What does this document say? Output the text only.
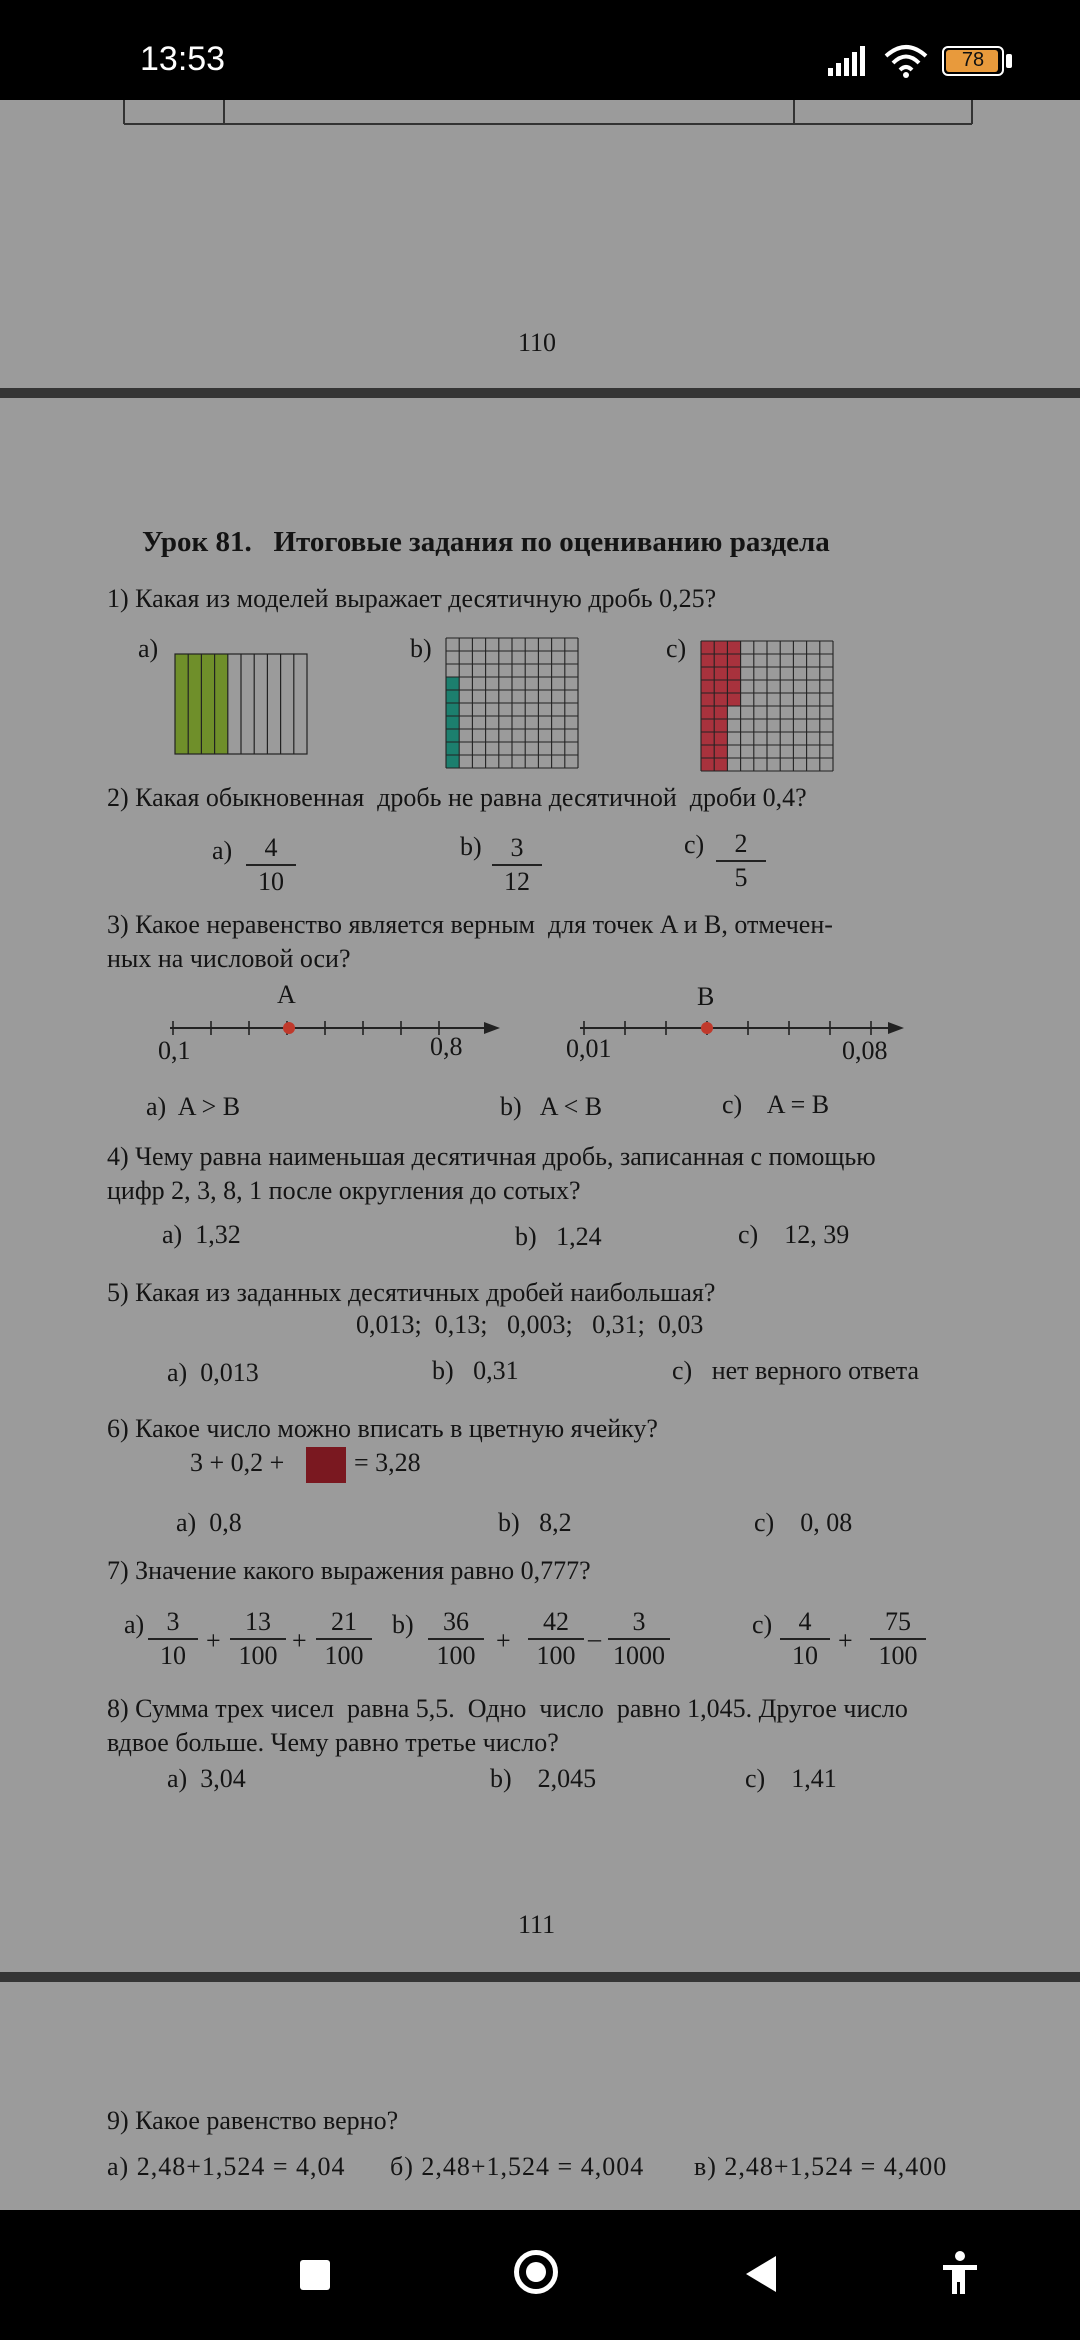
13:53	78
110
Урок 81.   Итоговые задания по оцениванию раздела
1) Какая из моделей выражает десятичную дробь 0,25?
a)	b)	c)
2) Какая обыкновенная  дробь не равна десятичной  дроби 0,4?
$a) \frac{4}{10}$	$b) \frac{3}{12}$	$c) \frac{2}{5}$
3) Какое неравенство является верным  для точек A и B, отмечен-
ных на числовой оси?
A
0,1	0,8
B
0,01	0,08
a)  A > B	b)   A < B	c)    A = B
4) Чему равна наименьшая десятичная дробь, записанная с помощью
цифр 2, 3, 8, 1 после округления до сотых?
a)  1,32	b)   1,24	c)    12, 39
5) Какая из заданных десятичных дробей наибольшая?
0,013;  0,13;   0,003;   0,31;  0,03
a)  0,013	b)   0,31	c)   нет верного ответа
6) Какое число можно вписать в цветную ячейку?
3 + 0,2 +	= 3,28
a)  0,8	b)   8,2	c)    0, 08
7) Значение какого выражения равно 0,777?
$a) \frac{3}{10} + \frac{13}{100} + \frac{21}{100} b) \frac{36}{100} + \frac{42}{100} - \frac{3}{1000}$	$c) \frac{4}{10} + \frac{75}{100}$
8) Сумма трех чисел  равна 5,5.  Одно  число  равно 1,045. Другое число
вдвое больше. Чему равно третье число?
a)  3,04	b)    2,045	c)    1,41
111
9) Какое равенство верно?
a) 2,48+1,524 = 4,04 б) 2,48+1,524 = 4,004 в) 2,48+1,524 = 4,400
